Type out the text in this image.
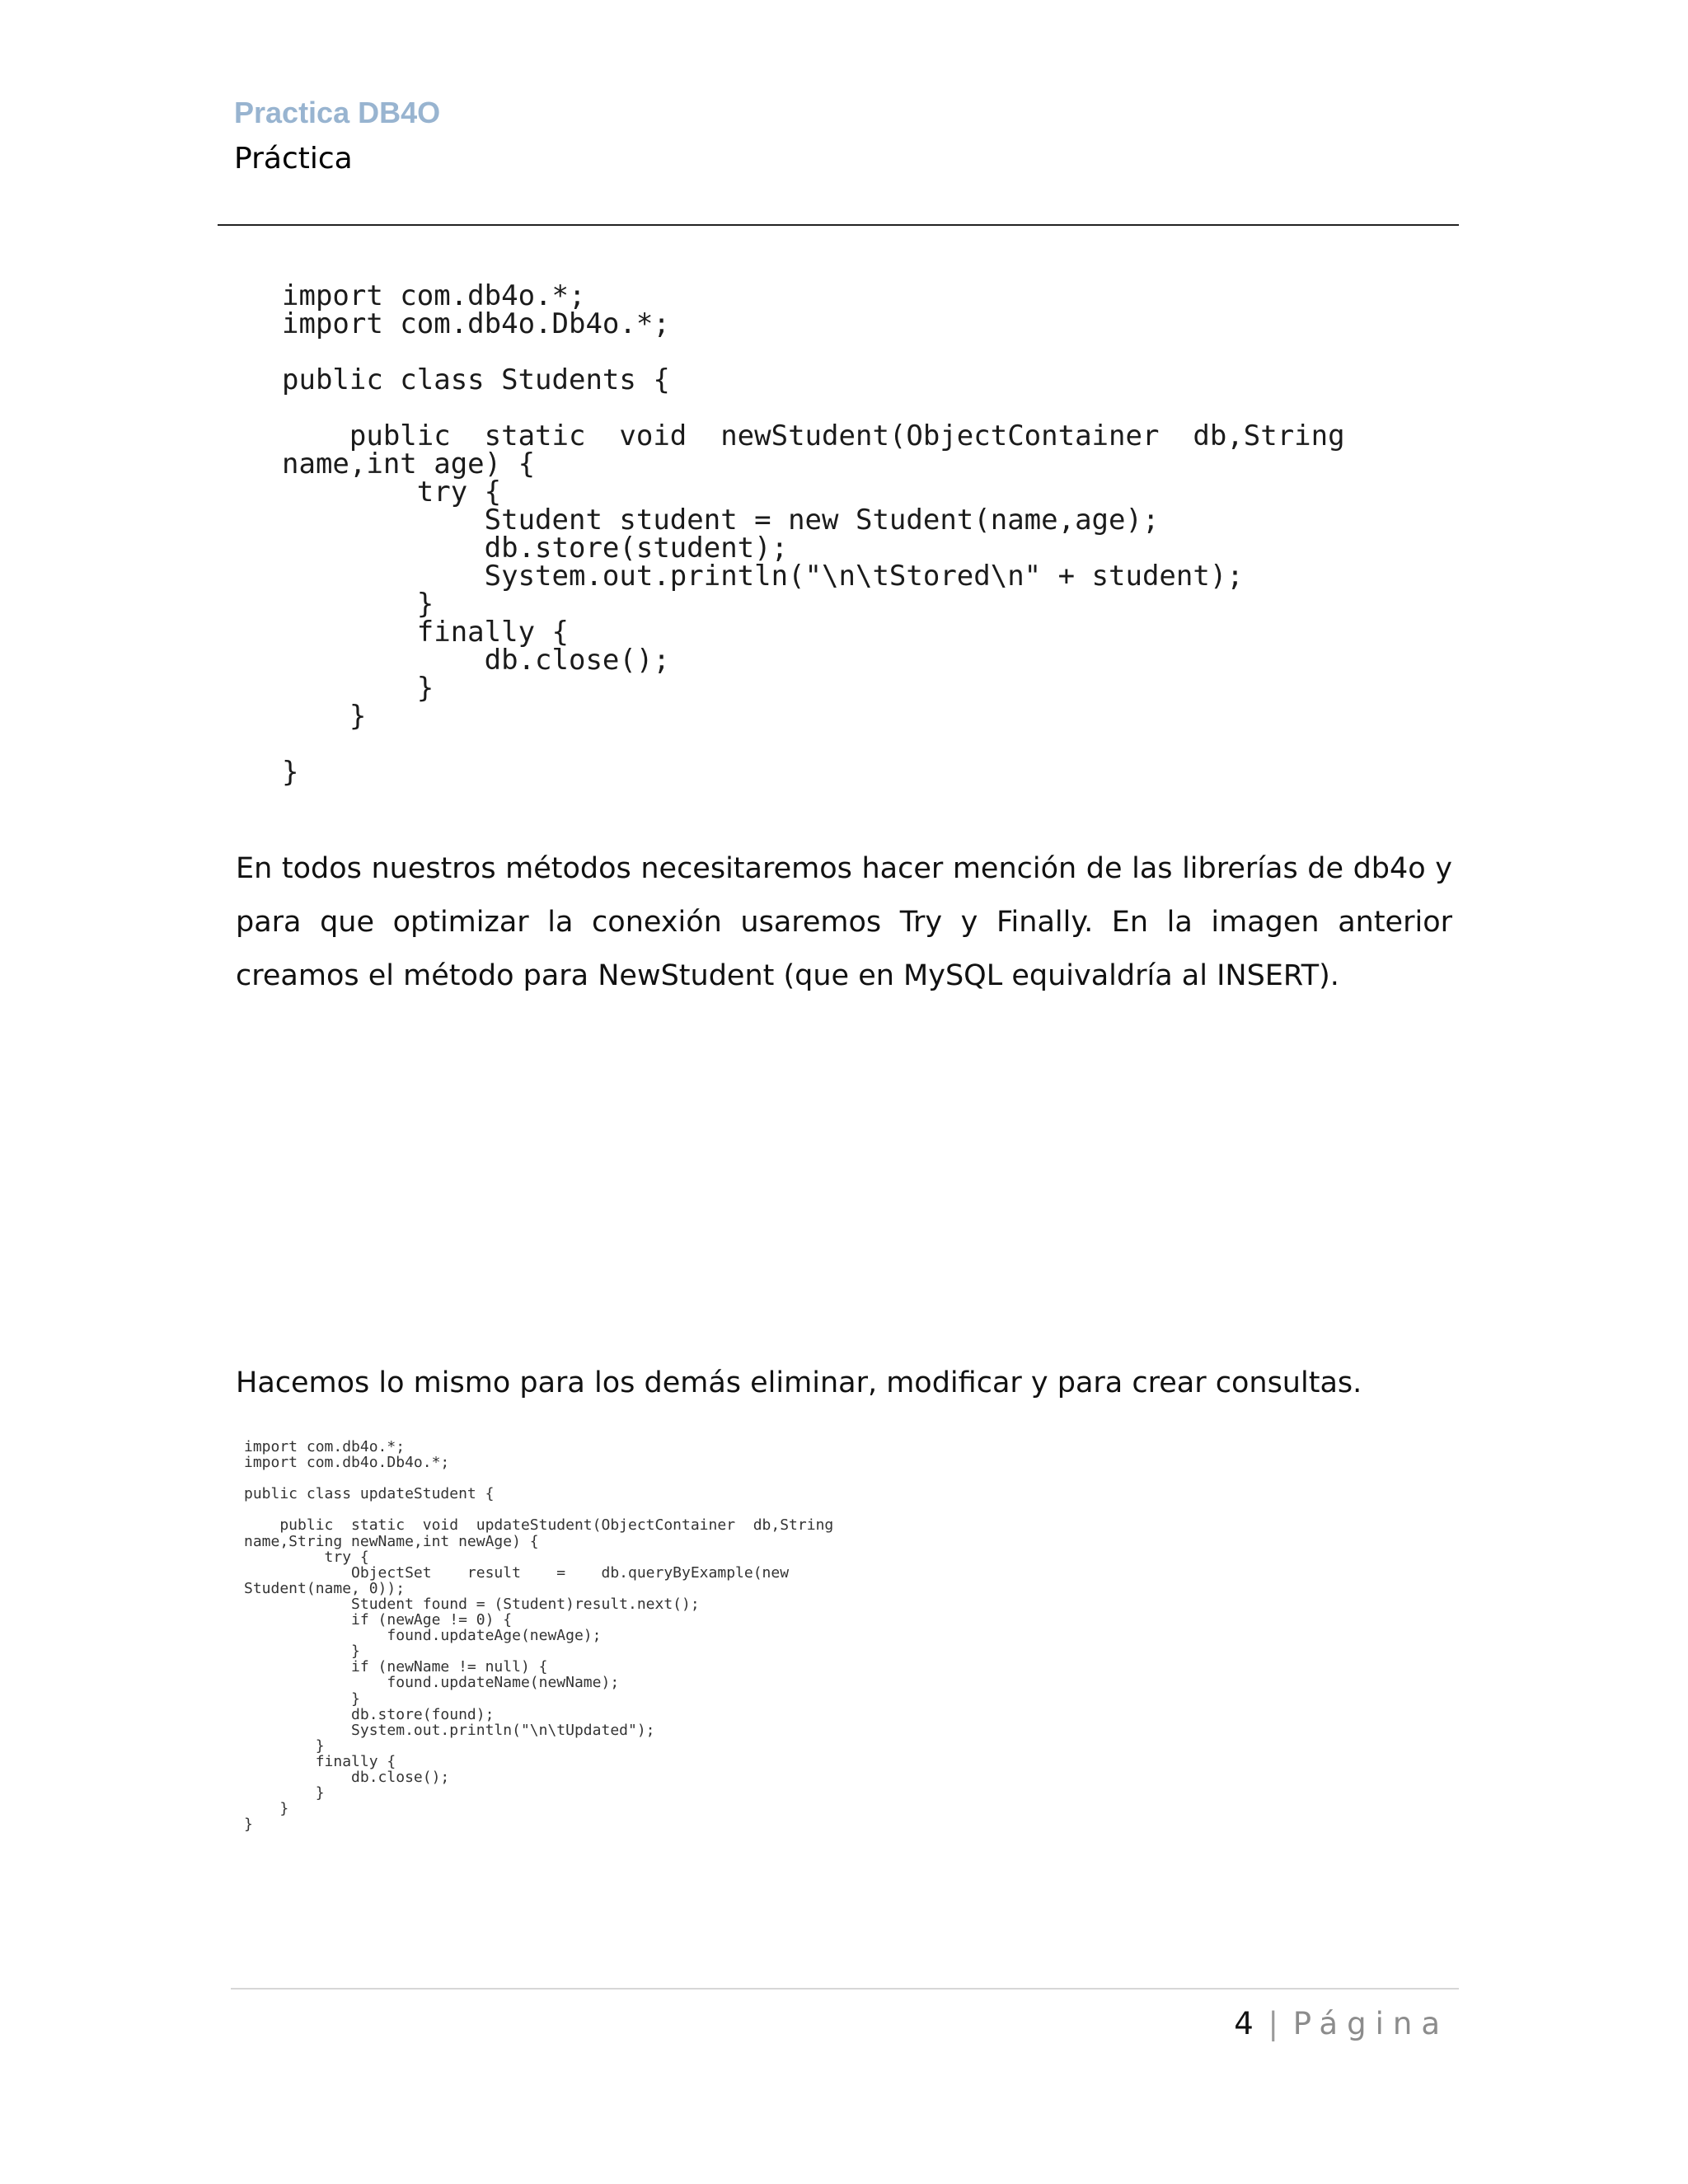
Practica DB4O

Práctica

import com.db4o.*;
import com.db4o.Db4o.*;

public class Students {

public  static  void  newStudent(ObjectContainer  db,String
name,int age) {
try {
Student student = new Student(name,age);
db.store(student);
System.out.println("\n\tStored\n" + student);
}
finally {
db.close();
}
}

}

En todos nuestros métodos necesitaremos hacer mención de las librerías de db4o y para que optimizar la conexión usaremos Try y Finally. En la imagen anterior creamos el método para NewStudent (que en MySQL equivaldría al INSERT).

Hacemos lo mismo para los demás eliminar, modificar y para crear consultas.

import com.db4o.*;
import com.db4o.Db4o.*;

public class updateStudent {

public  static  void  updateStudent(ObjectContainer  db,String
name,String newName,int newAge) {
try {
ObjectSet    result    =    db.queryByExample(new
Student(name, 0));
Student found = (Student)result.next();
if (newAge != 0) {
found.updateAge(newAge);
}
if (newName != null) {
found.updateName(newName);
}
db.store(found);
System.out.println("\n\tUpdated");
}
finally {
db.close();
}
}
}
4 | Página
